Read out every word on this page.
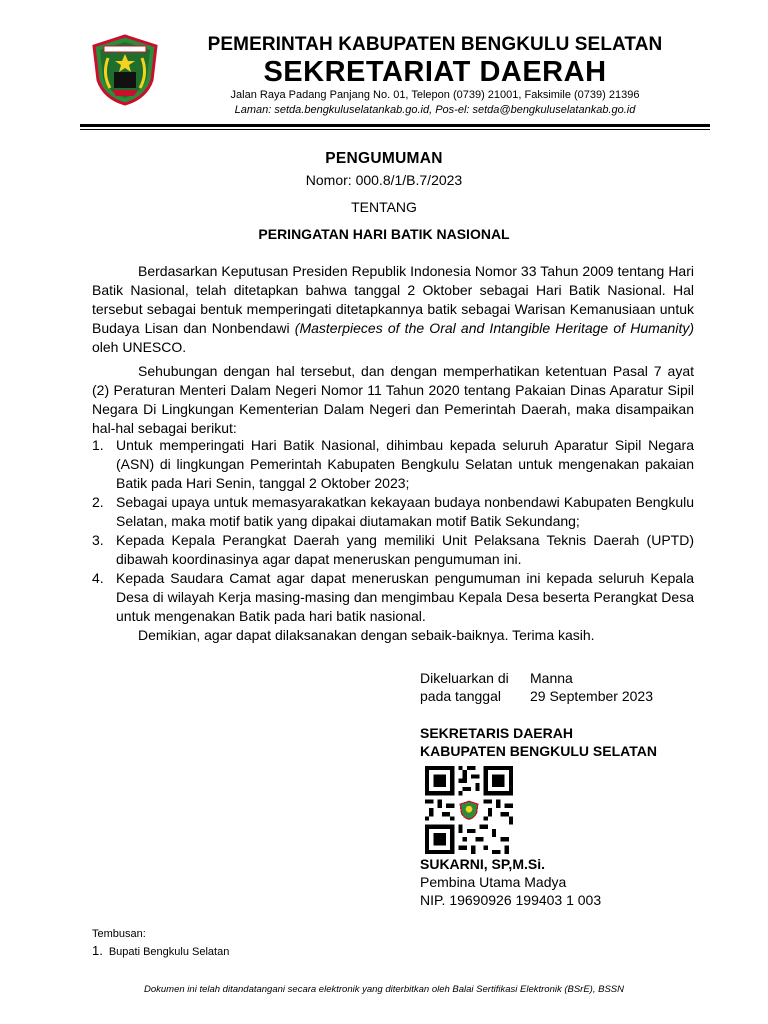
PEMERINTAH KABUPATEN BENGKULU SELATAN
SEKRETARIAT DAERAH
Jalan Raya Padang Panjang No. 01, Telepon (0739) 21001, Faksimile (0739) 21396
Laman: setda.bengkuluselatankab.go.id, Pos-el: setda@bengkuluselatankab.go.id
PENGUMUMAN
Nomor: 000.8/1/B.7/2023
TENTANG
PERINGATAN HARI BATIK NASIONAL
Berdasarkan Keputusan Presiden Republik Indonesia Nomor 33 Tahun 2009 tentang Hari Batik Nasional, telah ditetapkan bahwa tanggal 2 Oktober sebagai Hari Batik Nasional. Hal tersebut sebagai bentuk memperingati ditetapkannya batik sebagai Warisan Kemanusiaan untuk Budaya Lisan dan Nonbendawi (Masterpieces of the Oral and Intangible Heritage of Humanity) oleh UNESCO.
Sehubungan dengan hal tersebut, dan dengan memperhatikan ketentuan Pasal 7 ayat (2) Peraturan Menteri Dalam Negeri Nomor 11 Tahun 2020 tentang Pakaian Dinas Aparatur Sipil Negara Di Lingkungan Kementerian Dalam Negeri dan Pemerintah Daerah, maka disampaikan hal-hal sebagai berikut:
1. Untuk memperingati Hari Batik Nasional, dihimbau kepada seluruh Aparatur Sipil Negara (ASN) di lingkungan Pemerintah Kabupaten Bengkulu Selatan untuk mengenakan pakaian Batik pada Hari Senin, tanggal 2 Oktober 2023;
2. Sebagai upaya untuk memasyarakatkan kekayaan budaya nonbendawi Kabupaten Bengkulu Selatan, maka motif batik yang dipakai diutamakan motif Batik Sekundang;
3. Kepada Kepala Perangkat Daerah yang memiliki Unit Pelaksana Teknis Daerah (UPTD) dibawah koordinasinya agar dapat meneruskan pengumuman ini.
4. Kepada Saudara Camat agar dapat meneruskan pengumuman ini kepada seluruh Kepala Desa di wilayah Kerja masing-masing dan mengimbau Kepala Desa beserta Perangkat Desa untuk mengenakan Batik pada hari batik nasional.
Demikian, agar dapat dilaksanakan dengan sebaik-baiknya. Terima kasih.
Dikeluarkan di Manna
pada tanggal 29 September 2023
SEKRETARIS DAERAH
KABUPATEN BENGKULU SELATAN
SUKARNI, SP,M.Si.
Pembina Utama Madya
NIP. 19690926 199403 1 003
Tembusan:
1. Bupati Bengkulu Selatan
Dokumen ini telah ditandatangani secara elektronik yang diterbitkan oleh Balai Sertifikasi Elektronik (BSrE), BSSN
